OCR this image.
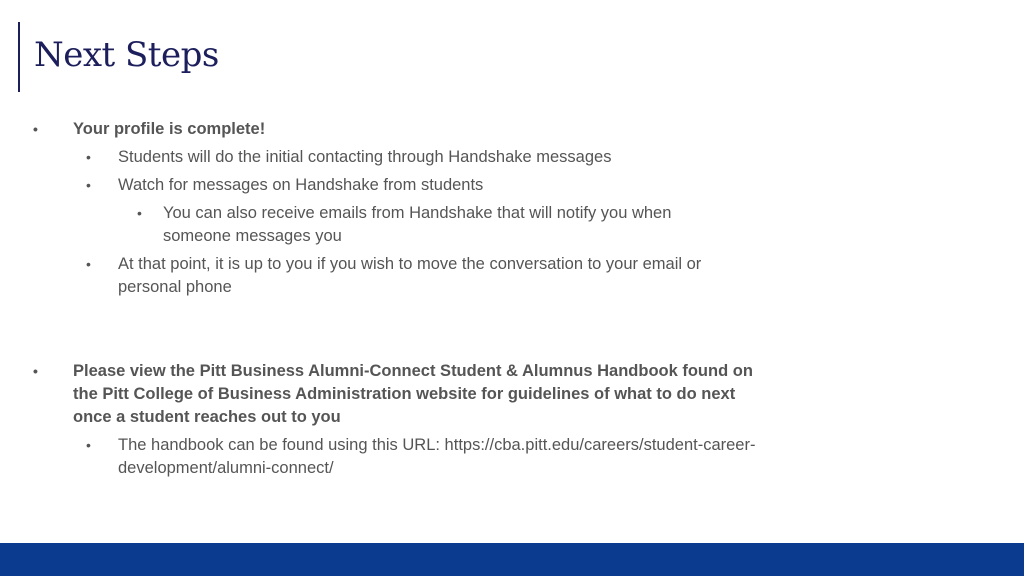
Next Steps
• Your profile is complete!
• Students will do the initial contacting through Handshake messages
• Watch for messages on Handshake from students
• You can also receive emails from Handshake that will notify you when someone messages you
• At that point, it is up to you if you wish to move the conversation to your email or personal phone
• Please view the Pitt Business Alumni-Connect Student & Alumnus Handbook found on the Pitt College of Business Administration website for guidelines of what to do next once a student reaches out to you
• The handbook can be found using this URL: https://cba.pitt.edu/careers/student-career-development/alumni-connect/
